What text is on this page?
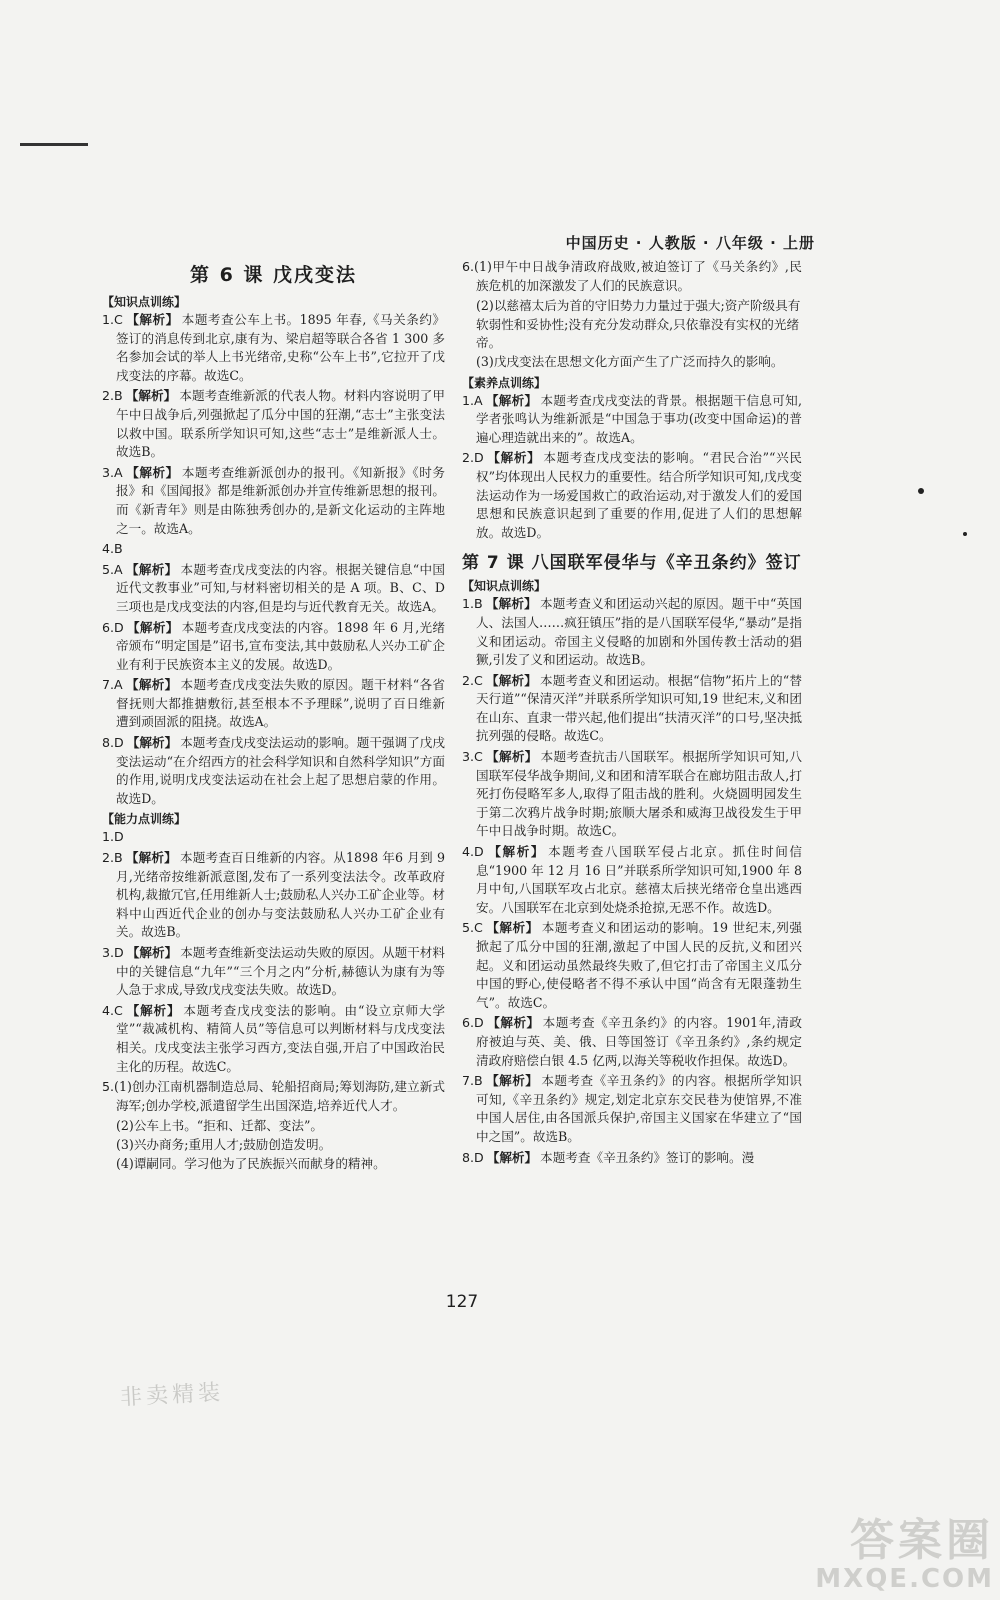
中国历史 · 人教版 · 八年级 · 上册
第 6 课 戊戌变法
【知识点训练】
1.C 【解析】 本题考查公车上书。1895 年春,《马关条约》签订的消息传到北京,康有为、梁启超等联合各省 1 300 多名参加会试的举人上书光绪帝,史称“公车上书”,它拉开了戊戌变法的序幕。故选C。
2.B 【解析】 本题考查维新派的代表人物。材料内容说明了甲午中日战争后,列强掀起了瓜分中国的狂潮,“志士”主张变法以救中国。联系所学知识可知,这些“志士”是维新派人士。故选B。
3.A 【解析】 本题考查维新派创办的报刊。《知新报》《时务报》和《国闻报》都是维新派创办并宣传维新思想的报刊。而《新青年》则是由陈独秀创办的,是新文化运动的主阵地之一。故选A。
4.B
5.A 【解析】 本题考查戊戌变法的内容。根据关键信息“中国近代文教事业”可知,与材料密切相关的是 A 项。B、C、D 三项也是戊戌变法的内容,但是均与近代教育无关。故选A。
6.D 【解析】 本题考查戊戌变法的内容。1898 年 6 月,光绪帝颁布“明定国是”诏书,宣布变法,其中鼓励私人兴办工矿企业有利于民族资本主义的发展。故选D。
7.A 【解析】 本题考查戊戌变法失败的原因。题干材料“各省督抚则大都推搪敷衍,甚至根本不予理睬”,说明了百日维新遭到顽固派的阻挠。故选A。
8.D 【解析】 本题考查戊戌变法运动的影响。题干强调了戊戌变法运动“在介绍西方的社会科学知识和自然科学知识”方面的作用,说明戊戌变法运动在社会上起了思想启蒙的作用。故选D。
【能力点训练】
1.D
2.B 【解析】 本题考查百日维新的内容。从1898 年6 月到 9 月,光绪帝按维新派意图,发布了一系列变法法令。改革政府机构,裁撤冗官,任用维新人士;鼓励私人兴办工矿企业等。材料中山西近代企业的创办与变法鼓励私人兴办工矿企业有关。故选B。
3.D 【解析】 本题考查维新变法运动失败的原因。从题干材料中的关键信息“九年”“三个月之内”分析,赫德认为康有为等人急于求成,导致戊戌变法失败。故选D。
4.C 【解析】 本题考查戊戌变法的影响。由“设立京师大学堂”“裁减机构、精简人员”等信息可以判断材料与戊戌变法相关。戊戌变法主张学习西方,变法自强,开启了中国政治民主化的历程。故选C。
5.(1)创办江南机器制造总局、轮船招商局;筹划海防,建立新式海军;创办学校,派遣留学生出国深造,培养近代人才。
(2)公车上书。“拒和、迁都、变法”。
(3)兴办商务;重用人才;鼓励创造发明。
(4)谭嗣同。学习他为了民族振兴而献身的精神。
6.(1)甲午中日战争清政府战败,被迫签订了《马关条约》,民族危机的加深激发了人们的民族意识。
(2)以慈禧太后为首的守旧势力力量过于强大;资产阶级具有软弱性和妥协性;没有充分发动群众,只依靠没有实权的光绪帝。
(3)戊戌变法在思想文化方面产生了广泛而持久的影响。
【素养点训练】
1.A 【解析】 本题考查戊戌变法的背景。根据题干信息可知,学者张鸣认为维新派是“中国急于事功(改变中国命运)的普遍心理造就出来的”。故选A。
2.D 【解析】 本题考查戊戌变法的影响。“君民合治”“兴民权”均体现出人民权力的重要性。结合所学知识可知,戊戌变法运动作为一场爱国救亡的政治运动,对于激发人们的爱国思想和民族意识起到了重要的作用,促进了人们的思想解放。故选D。
第 7 课 八国联军侵华与《辛丑条约》签订
【知识点训练】
1.B 【解析】 本题考查义和团运动兴起的原因。题干中“英国人、法国人……疯狂镇压”指的是八国联军侵华,“暴动”是指义和团运动。帝国主义侵略的加剧和外国传教士活动的猖獗,引发了义和团运动。故选B。
2.C 【解析】 本题考查义和团运动。根据“信物”拓片上的“替天行道”“保清灭洋”并联系所学知识可知,19 世纪末,义和团在山东、直隶一带兴起,他们提出“扶清灭洋”的口号,坚决抵抗列强的侵略。故选C。
3.C 【解析】 本题考查抗击八国联军。根据所学知识可知,八国联军侵华战争期间,义和团和清军联合在廊坊阻击敌人,打死打伤侵略军多人,取得了阻击战的胜利。火烧圆明园发生于第二次鸦片战争时期;旅顺大屠杀和威海卫战役发生于甲午中日战争时期。故选C。
4.D 【解析】 本题考查八国联军侵占北京。抓住时间信息“1900 年 12 月 16 日”并联系所学知识可知,1900 年 8 月中旬,八国联军攻占北京。慈禧太后挟光绪帝仓皇出逃西安。八国联军在北京到处烧杀抢掠,无恶不作。故选D。
5.C 【解析】 本题考查义和团运动的影响。19 世纪末,列强掀起了瓜分中国的狂潮,激起了中国人民的反抗,义和团兴起。义和团运动虽然最终失败了,但它打击了帝国主义瓜分中国的野心,使侵略者不得不承认中国“尚含有无限蓬勃生气”。故选C。
6.D 【解析】 本题考查《辛丑条约》的内容。1901年,清政府被迫与英、美、俄、日等国签订《辛丑条约》,条约规定清政府赔偿白银 4.5 亿两,以海关等税收作担保。故选D。
7.B 【解析】 本题考查《辛丑条约》的内容。根据所学知识可知,《辛丑条约》规定,划定北京东交民巷为使馆界,不准中国人居住,由各国派兵保护,帝国主义国家在华建立了“国中之国”。故选B。
8.D 【解析】 本题考查《辛丑条约》签订的影响。漫
127
非卖精装
答案圈
MXQE.COM
